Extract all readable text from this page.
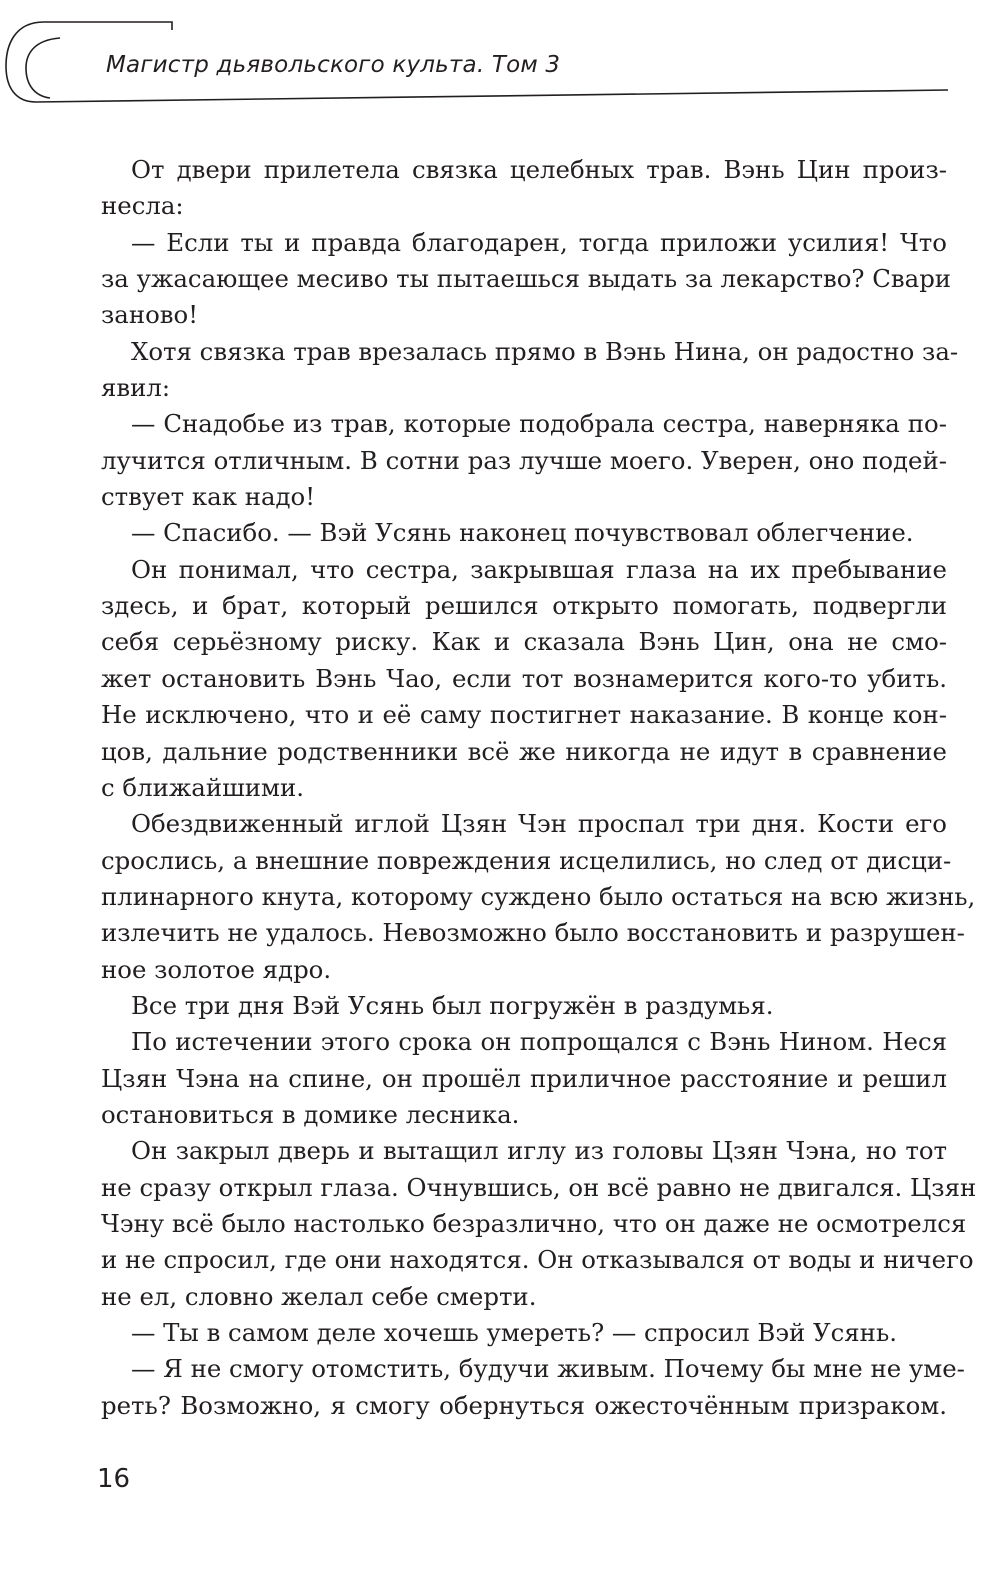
Магистр дьявольского культа. Том 3
От двери прилетела связка целебных трав. Вэнь Цин произ-
несла:
— Если ты и правда благодарен, тогда приложи усилия! Что
за ужасающее месиво ты пытаешься выдать за лекарство? Свари
заново!
Хотя связка трав врезалась прямо в Вэнь Нина, он радостно за-
явил:
— Снадобье из трав, которые подобрала сестра, наверняка по-
лучится отличным. В сотни раз лучше моего. Уверен, оно подей-
ствует как надо!
— Спасибо. — Вэй Усянь наконец почувствовал облегчение.
Он понимал, что сестра, закрывшая глаза на их пребывание
здесь, и брат, который решился открыто помогать, подвергли
себя серьёзному риску. Как и сказала Вэнь Цин, она не смо-
жет остановить Вэнь Чао, если тот вознамерится кого-то убить.
Не исключено, что и её саму постигнет наказание. В конце кон-
цов, дальние родственники всё же никогда не идут в сравнение
с ближайшими.
Обездвиженный иглой Цзян Чэн проспал три дня. Кости его
срослись, а внешние повреждения исцелились, но след от дисци-
плинарного кнута, которому суждено было остаться на всю жизнь,
излечить не удалось. Невозможно было восстановить и разрушен-
ное золотое ядро.
Все три дня Вэй Усянь был погружён в раздумья.
По истечении этого срока он попрощался с Вэнь Нином. Неся
Цзян Чэна на спине, он прошёл приличное расстояние и решил
остановиться в домике лесника.
Он закрыл дверь и вытащил иглу из головы Цзян Чэна, но тот
не сразу открыл глаза. Очнувшись, он всё равно не двигался. Цзян
Чэну всё было настолько безразлично, что он даже не осмотрелся
и не спросил, где они находятся. Он отказывался от воды и ничего
не ел, словно желал себе смерти.
— Ты в самом деле хочешь умереть? — спросил Вэй Усянь.
— Я не смогу отомстить, будучи живым. Почему бы мне не уме-
реть? Возможно, я смогу обернуться ожесточённым призраком.
16
